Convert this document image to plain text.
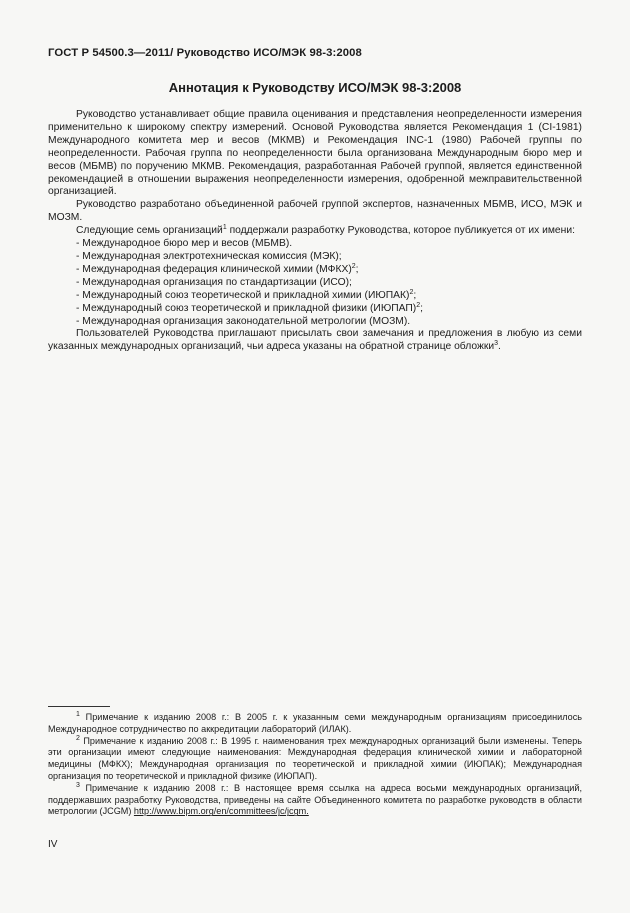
ГОСТ Р 54500.3—2011/ Руководство ИСО/МЭК 98-3:2008
Аннотация к Руководству ИСО/МЭК 98-3:2008

Руководство устанавливает общие правила оценивания и представления неопределенности измерения применительно к широкому спектру измерений. Основой Руководства является Рекомендация 1 (CI-1981) Международного комитета мер и весов (МКМВ) и Рекомендация INC-1 (1980) Рабочей группы по неопределенности. Рабочая группа по неопределенности была организована Международным бюро мер и весов (МБМВ) по поручению МКМВ. Рекомендация, разработанная Рабочей группой, является единственной рекомендацией в отношении выражения неопределенности измерения, одобренной межправительственной организацией.

Руководство разработано объединенной рабочей группой экспертов, назначенных МБМВ, ИСО, МЭК и МОЗМ.

Следующие семь организаций$^1$ поддержали разработку Руководства, которое публикуется от их имени:

- Международное бюро мер и весов (МБМВ).
- Международная электротехническая комиссия (МЭК);
- Международная федерация клинической химии (МФКХ)$^2$;
- Международная организация по стандартизации (ИСО);
- Международный союз теоретической и прикладной химии (ИЮПАК)$^2$;
- Международный союз теоретической и прикладной физики (ИЮПАП)$^2$;
- Международная организация законодательной метрологии (МОЗМ).

Пользователей Руководства приглашают присылать свои замечания и предложения в любую из семи указанных международных организаций, чьи адреса указаны на обратной странице обложки$^3$.

$^1$ Примечание к изданию 2008 г.: В 2005 г. к указанным семи международным организациям присоединилось Международное сотрудничество по аккредитации лабораторий (ИЛАК).

$^2$ Примечание к изданию 2008 г.: В 1995 г. наименования трех международных организаций были изменены. Теперь эти организации имеют следующие наименования: Международная федерация клинической химии и лабораторной медицины (МФКХ); Международная организация по теоретической и прикладной химии (ИЮПАК); Международная организация по теоретической и прикладной физике (ИЮПАП).

$^3$ Примечание к изданию 2008 г.: В настоящее время ссылка на адреса восьми международных организаций, поддержавших разработку Руководства, приведены на сайте Объединенного комитета по разработке руководств в области метрологии (JCGM) http://www.bipm.org/en/committees/jc/jcgm.

IV
